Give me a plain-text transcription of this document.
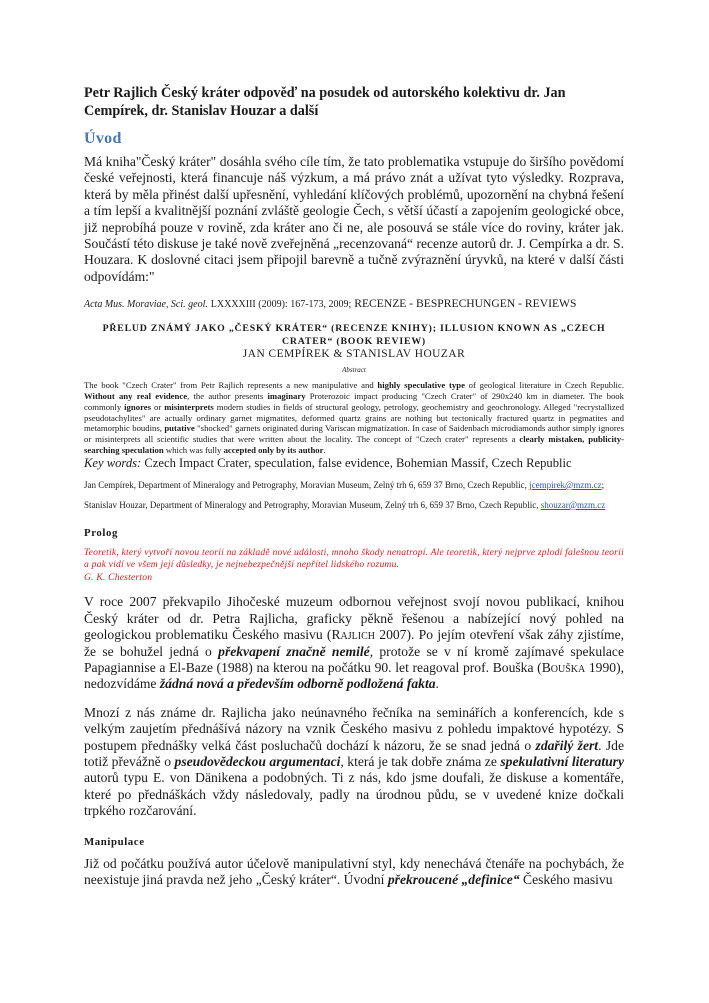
Petr Rajlich Český kráter odpověď na posudek od autorského kolektivu dr. Jan Cempírek, dr. Stanislav Houzar a další
Úvod

Má kniha"Český kráter" dosáhla svého cíle tím, že tato problematika vstupuje do širšího povědomí české veřejnosti, která financuje náš výzkum, a má právo znát a užívat tyto výsledky. Rozprava, která by měla přinést další upřesnění, vyhledání klíčových problémů, upozornění na chybná řešení a tím lepší a kvalitnější poznání zvláště geologie Čech, s větší účastí a zapojením geologické obce, již neprobíhá pouze v rovině, zda kráter ano či ne, ale posouvá se stále více do roviny, kráter jak. Součástí této diskuse je také nově zveřejněná „recenzovaná“ recenze autorů dr. J. Cempírka a dr. S. Houzara. K doslovné citaci jsem připojil barevně a tučně zvýraznění úryvků, na které v další části odpovídám:"

Acta Mus. Moraviae, Sci. geol. LXXXXIII (2009): 167-173, 2009; RECENZE - BESPRECHUNGEN - REVIEWS

PŘELUD ZNÁMÝ JAKO „ČESKÝ KRÁTER“ (RECENZE KNIHY); ILLUSION KNOWN AS „CZECH
CRATER“ (BOOK REVIEW)

JAN CEMPÍREK & STANISLAV HOUZAR

Abstract

The book "Czech Crater" from Petr Rajlich represents a new manipulative and highly speculative type of geological literature in Czech Republic. Without any real evidence, the author presents imaginary Proterozoic impact producing "Czech Crater" of 290x240 km in diameter. The book commonly ignores or misinterprets modern studies in fields of structural geology, petrology, geochemistry and geochronology. Alleged "recrystallized pseudotachylites" are actually ordinary garnet migmatites, deformed quartz grains are nothing but tectonically fractured quartz in pegmatites and metamorphic boudins, putative "shocked" garnets originated during Variscan migmatization. In case of Saidenbach microdiamonds author simply ignores or misinterprets all scientific studies that were written about the locality. The concept of "Czech crater" represents a clearly mistaken, publicity-searching speculation which was fully accepted only by its author.

Key words: Czech Impact Crater, speculation, false evidence, Bohemian Massif, Czech Republic

Jan Cempírek, Department of Mineralogy and Petrography, Moravian Museum, Zelný trh 6, 659 37 Brno, Czech Republic, jcempirek@mzm.cz;

Stanislav Houzar, Department of Mineralogy and Petrography, Moravian Museum, Zelný trh 6, 659 37 Brno, Czech Republic, shouzar@mzm.cz

Prolog

Teoretik, který vytvoří novou teorii na základě nové události, mnoho škody nenatropí. Ale teoretik, který nejprve zplodí falešnou teorii a pak vidí ve všem její důsledky, je nejnebezpečnější nepřítel lidského rozumu.
G. K. Chesterton

V roce 2007 překvapilo Jihočeské muzeum odbornou veřejnost svojí novou publikací, knihou Český kráter od dr. Petra Rajlicha, graficky pěkně řešenou a nabízející nový pohled na geologickou problematiku Českého masivu (Rajlich 2007). Po jejím otevření však záhy zjistíme, že se bohužel jedná o překvapení značně nemilé, protože se v ní kromě zajímavé spekulace Papagiannise a El-Baze (1988) na kterou na počátku 90. let reagoval prof. Bouška (Bouška 1990), nedozvídáme žádná nová a především odborně podložená fakta.

Mnozí z nás známe dr. Rajlicha jako neúnavného řečníka na seminářích a konferencích, kde s velkým zaujetím přednášívá názory na vznik Českého masivu z pohledu impaktové hypotézy. S postupem přednášky velká část posluchačů dochází k názoru, že se snad jedná o zdařilý žert. Jde totiž převážně o pseudovědeckou argumentaci, která je tak dobře známa ze spekulativní literatury autorů typu E. von Dänikena a podobných. Ti z nás, kdo jsme doufali, že diskuse a komentáře, které po přednáškách vždy následovaly, padly na úrodnou půdu, se v uvedené knize dočkali trpkého rozčarování.

Manipulace

Již od počátku používá autor účelově manipulativní styl, kdy nenechává čtenáře na pochybách, že neexistuje jiná pravda než jeho „Český kráter“. Úvodní překroucené „definice“ Českého masivu
